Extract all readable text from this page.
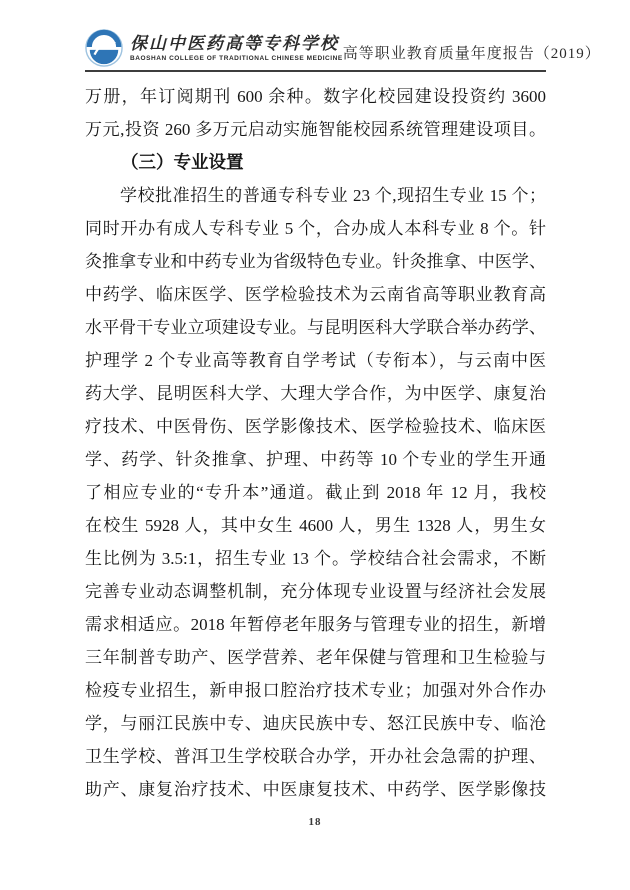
保山中医药高等专科学校
BAOSHAN COLLEGE OF TRADITIONAL CHINESE MEDICINE 高等职业教育质量年度报告（2019）
万册，年订阅期刊 600 余种。数字化校园建设投资约 3600
万元,投资 260 多万元启动实施智能校园系统管理建设项目。
（三）专业设置
学校批准招生的普通专科专业 23 个,现招生专业 15 个；
同时开办有成人专科专业 5 个，合办成人本科专业 8 个。针
灸推拿专业和中药专业为省级特色专业。针灸推拿、中医学、
中药学、临床医学、医学检验技术为云南省高等职业教育高
水平骨干专业立项建设专业。与昆明医科大学联合举办药学、
护理学 2 个专业高等教育自学考试（专衔本），与云南中医
药大学、昆明医科大学、大理大学合作，为中医学、康复治
疗技术、中医骨伤、医学影像技术、医学检验技术、临床医
学、药学、针灸推拿、护理、中药等 10 个专业的学生开通
了相应专业的“专升本”通道。截止到 2018 年 12 月，我校
在校生 5928 人，其中女生 4600 人，男生 1328 人，男生女
生比例为 3.5:1，招生专业 13 个。学校结合社会需求，不断
完善专业动态调整机制，充分体现专业设置与经济社会发展
需求相适应。2018 年暂停老年服务与管理专业的招生，新增
三年制普专助产、医学营养、老年保健与管理和卫生检验与
检疫专业招生，新申报口腔治疗技术专业；加强对外合作办
学，与丽江民族中专、迪庆民族中专、怒江民族中专、临沧
卫生学校、普洱卫生学校联合办学，开办社会急需的护理、
助产、康复治疗技术、中医康复技术、中药学、医学影像技
18
